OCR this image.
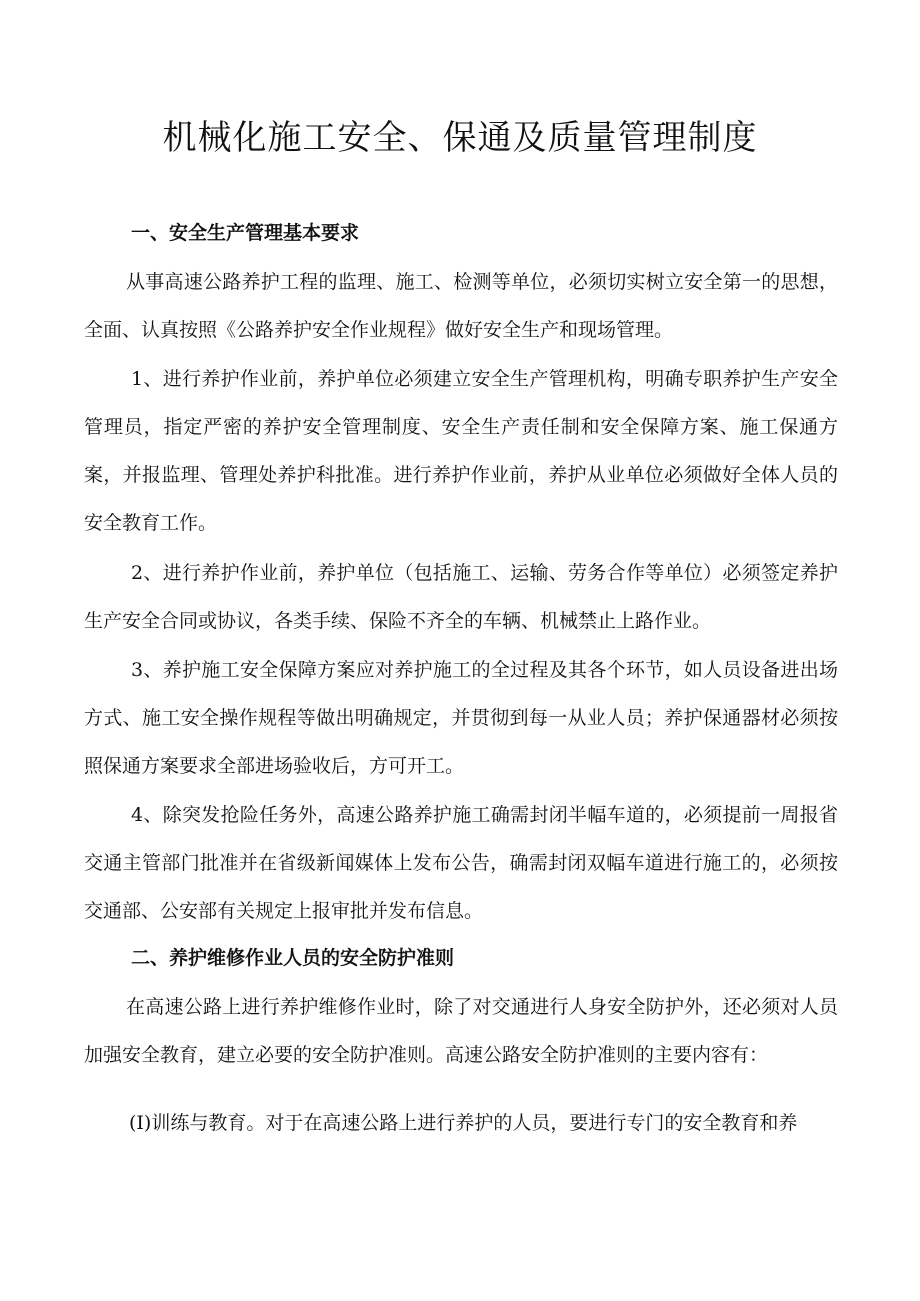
机械化施工安全、保通及质量管理制度
一、安全生产管理基本要求

从事高速公路养护工程的监理、施工、检测等单位，必须切实树立安全第一的思想，全面、认真按照《公路养护安全作业规程》做好安全生产和现场管理。

1、进行养护作业前，养护单位必须建立安全生产管理机构，明确专职养护生产安全管理员，指定严密的养护安全管理制度、安全生产责任制和安全保障方案、施工保通方案，并报监理、管理处养护科批准。进行养护作业前，养护从业单位必须做好全体人员的安全教育工作。

2、进行养护作业前，养护单位（包括施工、运输、劳务合作等单位）必须签定养护生产安全合同或协议，各类手续、保险不齐全的车辆、机械禁止上路作业。

3、养护施工安全保障方案应对养护施工的全过程及其各个环节，如人员设备进出场方式、施工安全操作规程等做出明确规定，并贯彻到每一从业人员；养护保通器材必须按照保通方案要求全部进场验收后，方可开工。

4、除突发抢险任务外，高速公路养护施工确需封闭半幅车道的，必须提前一周报省交通主管部门批准并在省级新闻媒体上发布公告，确需封闭双幅车道进行施工的，必须按交通部、公安部有关规定上报审批并发布信息。

二、养护维修作业人员的安全防护准则

在高速公路上进行养护维修作业时，除了对交通进行人身安全防护外，还必须对人员加强安全教育，建立必要的安全防护准则。高速公路安全防护准则的主要内容有：

(I)训练与教育。对于在高速公路上进行养护的人员，要进行专门的安全教育和养
